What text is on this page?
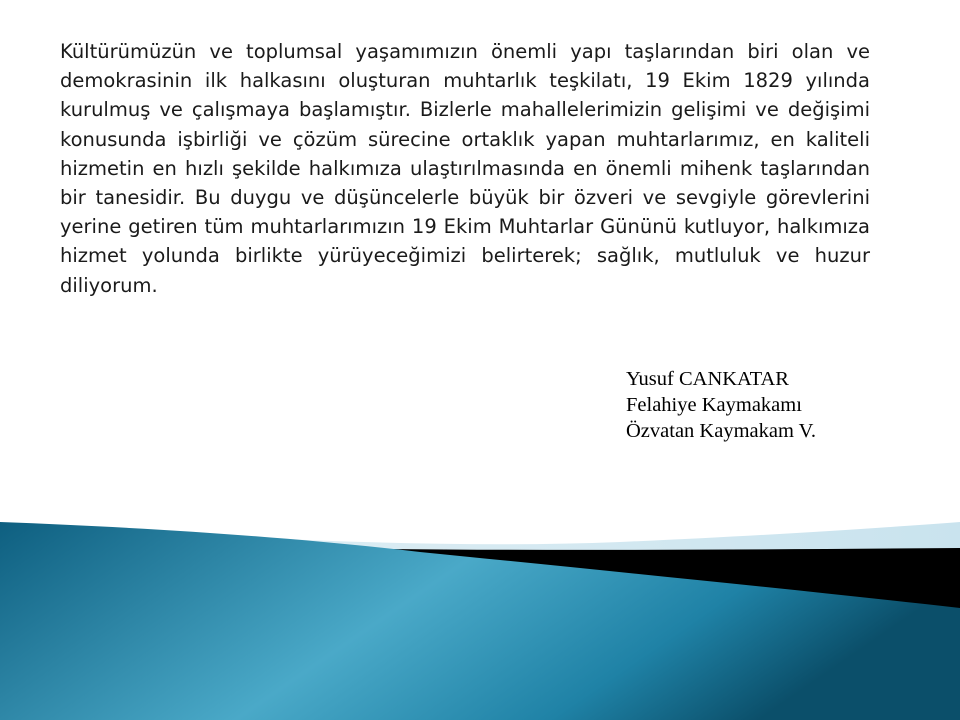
Kültürümüzün ve toplumsal yaşamımızın önemli yapı taşlarından biri olan ve demokrasinin ilk halkasını oluşturan muhtarlık teşkilatı, 19 Ekim 1829 yılında kurulmuş ve çalışmaya başlamıştır. Bizlerle mahallelerimizin gelişimi ve değişimi konusunda işbirliği ve çözüm sürecine ortaklık yapan muhtarlarımız, en kaliteli hizmetin en hızlı şekilde halkımıza ulaştırılmasında en önemli mihenk taşlarından bir tanesidir. Bu duygu ve düşüncelerle büyük bir özveri ve sevgiyle görevlerini yerine getiren tüm muhtarlarımızın 19 Ekim Muhtarlar Gününü kutluyor, halkımıza hizmet yolunda birlikte yürüyeceğimizi belirterek; sağlık, mutluluk ve huzur diliyorum.

Yusuf CANKATAR
Felahiye Kaymakamı
Özvatan Kaymakam V.
